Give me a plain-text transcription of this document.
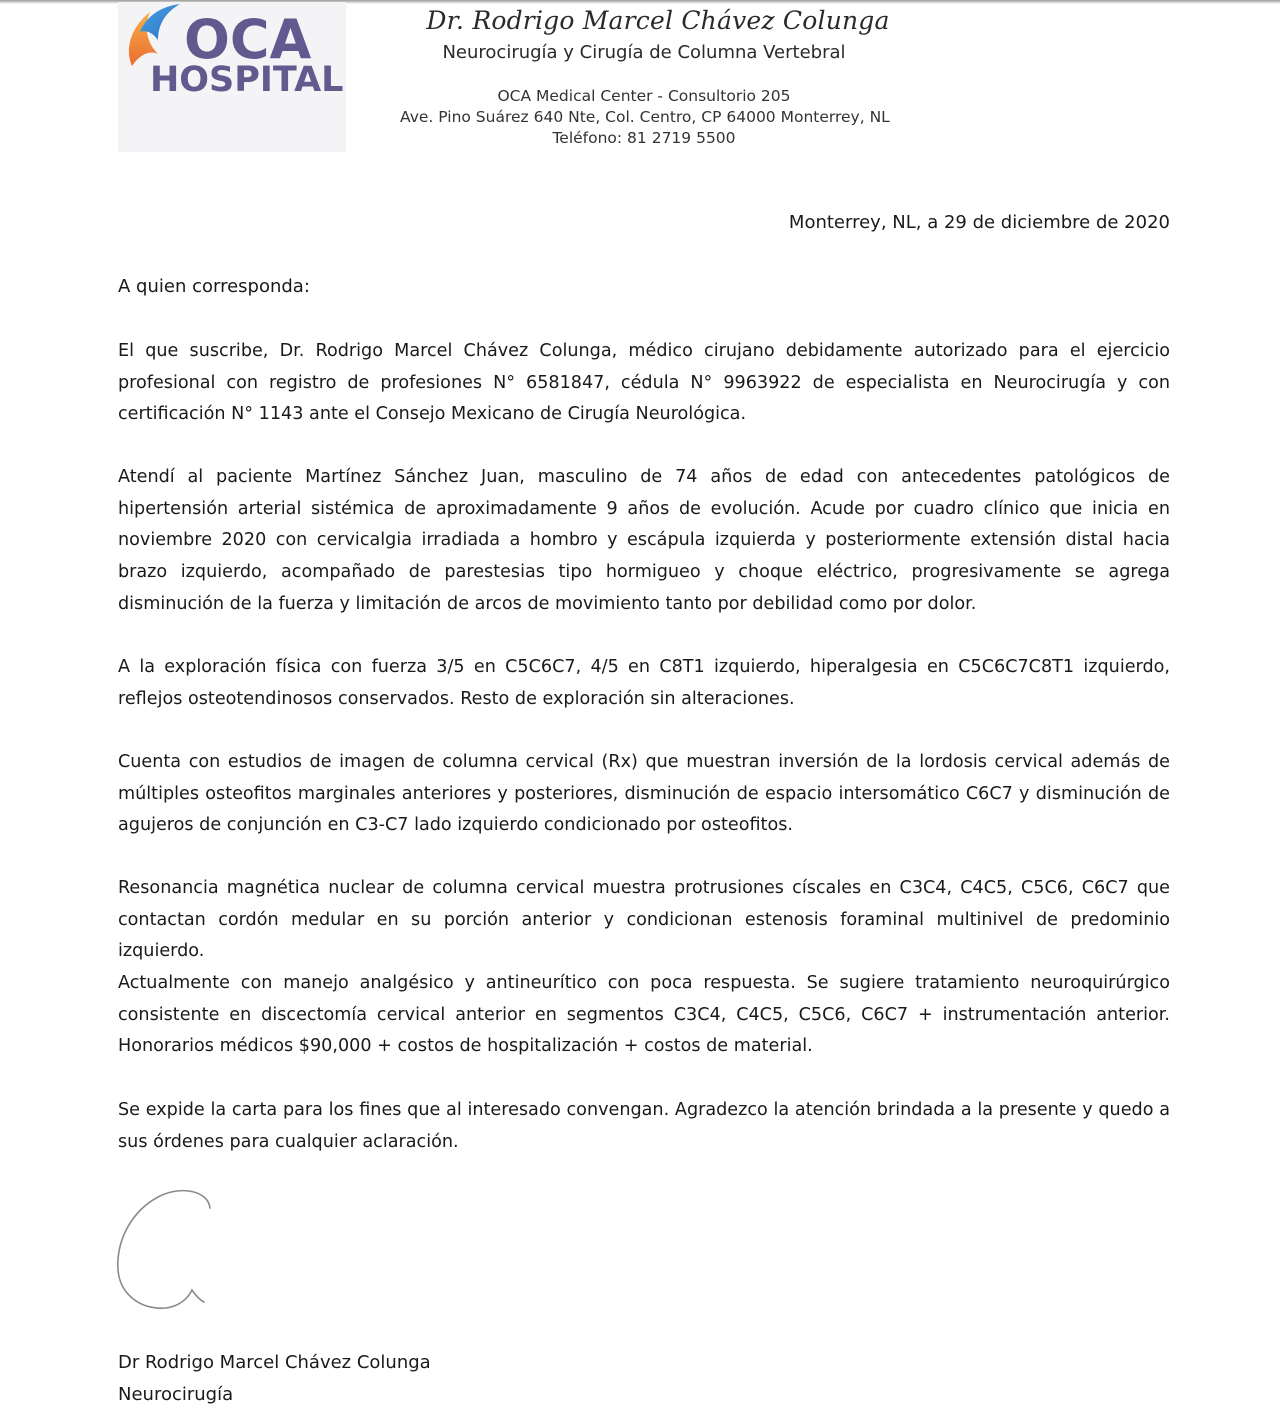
OCA
HOSPITAL
Dr. Rodrigo Marcel Chávez Colunga
Neurocirugía y Cirugía de Columna Vertebral
OCA Medical Center - Consultorio 205
Ave. Pino Suárez 640 Nte, Col. Centro, CP 64000 Monterrey, NL
Teléfono: 81 2719 5500
Monterrey, NL, a 29 de diciembre de 2020
A quien corresponda:

El que suscribe, Dr. Rodrigo Marcel Chávez Colunga, médico cirujano debidamente autorizado para el ejercicio profesional con registro de profesiones N° 6581847, cédula N° 9963922 de especialista en Neurocirugía y con certificación N° 1143 ante el Consejo Mexicano de Cirugía Neurológica.

Atendí al paciente Martínez Sánchez Juan, masculino de 74 años de edad con antecedentes patológicos de hipertensión arterial sistémica de aproximadamente 9 años de evolución. Acude por cuadro clínico que inicia en noviembre 2020 con cervicalgia irradiada a hombro y escápula izquierda y posteriormente extensión distal hacia brazo izquierdo, acompañado de parestesias tipo hormigueo y choque eléctrico, progresivamente se agrega disminución de la fuerza y limitación de arcos de movimiento tanto por debilidad como por dolor.

A la exploración física con fuerza 3/5 en C5C6C7, 4/5 en C8T1 izquierdo, hiperalgesia en C5C6C7C8T1 izquierdo, reflejos osteotendinosos conservados. Resto de exploración sin alteraciones.

Cuenta con estudios de imagen de columna cervical (Rx) que muestran inversión de la lordosis cervical además de múltiples osteofitos marginales anteriores y posteriores, disminución de espacio intersomático C6C7 y disminución de agujeros de conjunción en C3-C7 lado izquierdo condicionado por osteofitos.

Resonancia magnética nuclear de columna cervical muestra protrusiones císcales en C3C4, C4C5, C5C6, C6C7 que contactan cordón medular en su porción anterior y condicionan estenosis foraminal multinivel de predominio izquierdo.

Actualmente con manejo analgésico y antineurítico con poca respuesta. Se sugiere tratamiento neuroquirúrgico consistente en discectomía cervical anterior en segmentos C3C4, C4C5, C5C6, C6C7 + instrumentación anterior. Honorarios médicos $90,000 + costos de hospitalización + costos de material.

Se expide la carta para los fines que al interesado convengan. Agradezco la atención brindada a la presente y quedo a sus órdenes para cualquier aclaración.

Dr Rodrigo Marcel Chávez Colunga
Neurocirugía
